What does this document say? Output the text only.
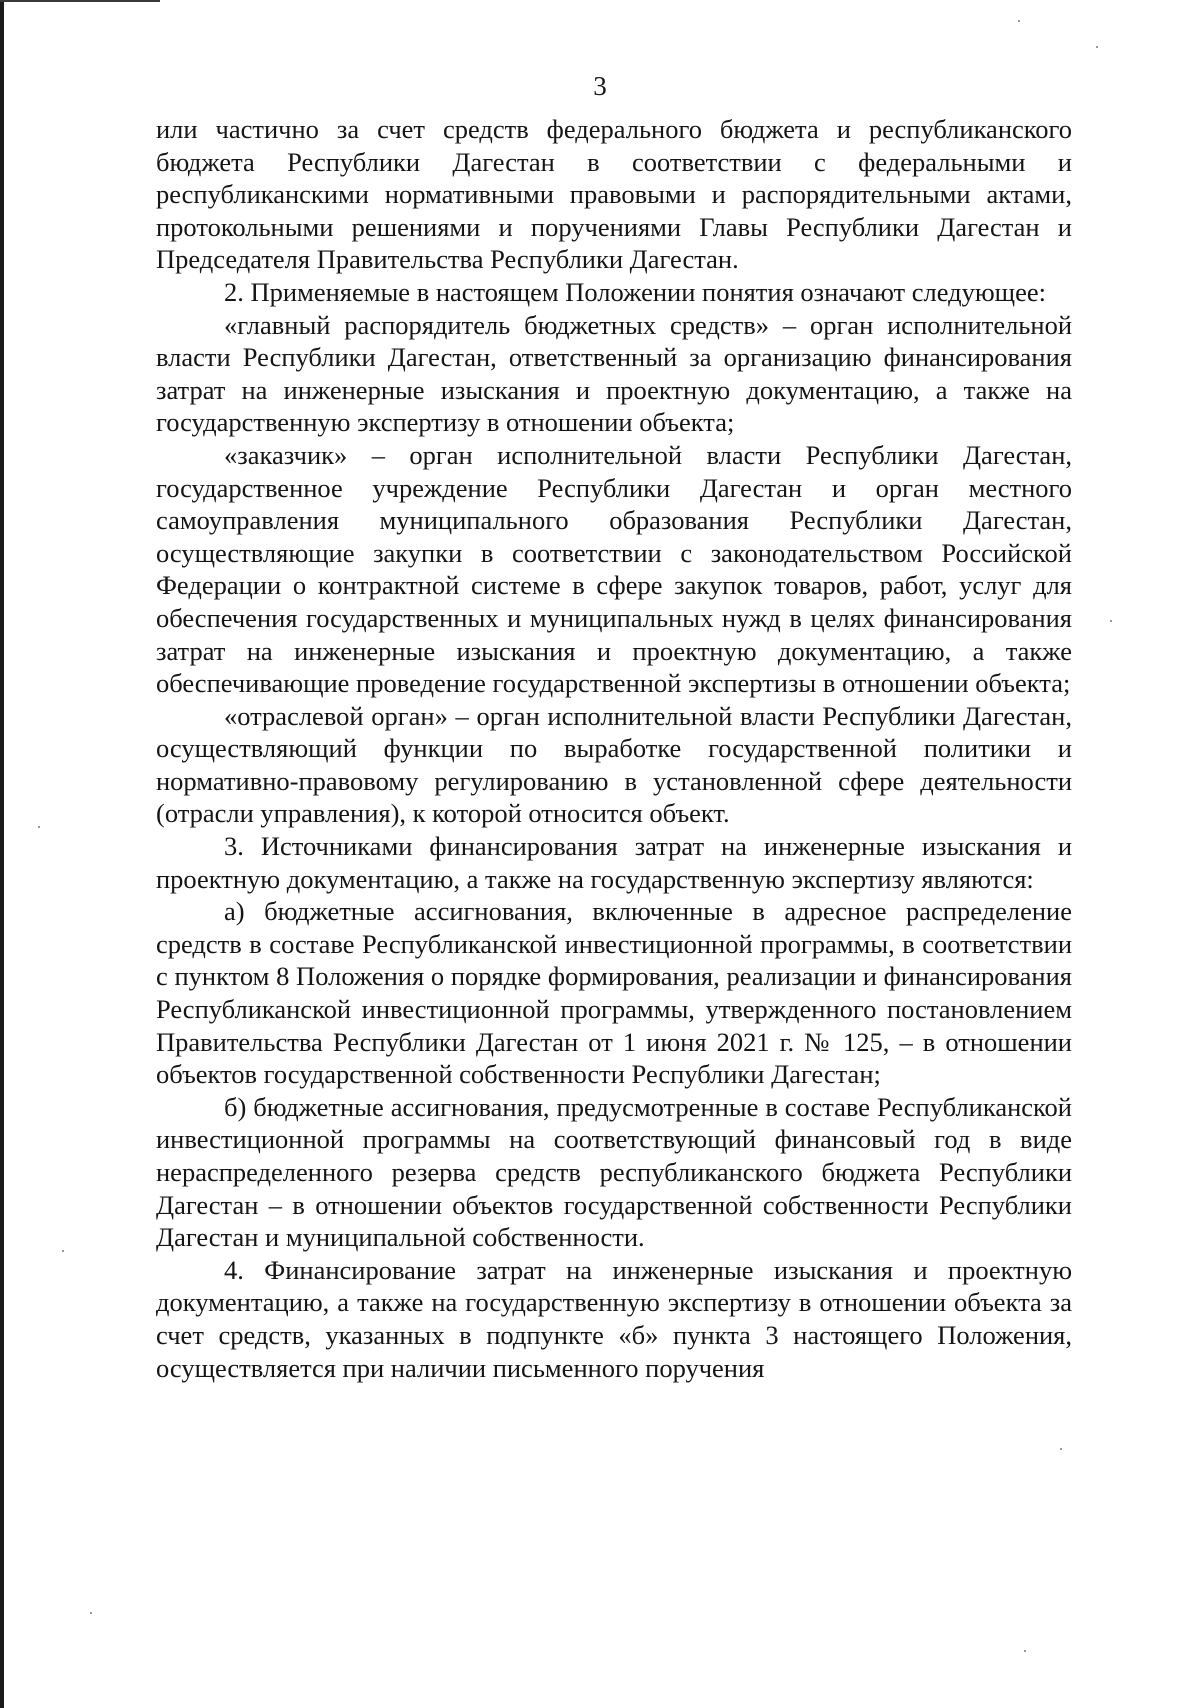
3

или частично за счет средств федерального бюджета и республиканского бюджета Республики Дагестан в соответствии с федеральными и республиканскими нормативными правовыми и распорядительными актами, протокольными решениями и поручениями Главы Республики Дагестан и Председателя Правительства Республики Дагестан.

2. Применяемые в настоящем Положении понятия означают следующее:

«главный распорядитель бюджетных средств» – орган исполнительной власти Республики Дагестан, ответственный за организацию финансирования затрат на инженерные изыскания и проектную документацию, а также на государственную экспертизу в отношении объекта;

«заказчик» – орган исполнительной власти Республики Дагестан, государственное учреждение Республики Дагестан и орган местного самоуправления муниципального образования Республики Дагестан, осуществляющие закупки в соответствии с законодательством Российской Федерации о контрактной системе в сфере закупок товаров, работ, услуг для обеспечения государственных и муниципальных нужд в целях финансирования затрат на инженерные изыскания и проектную документацию, а также обеспечивающие проведение государственной экспертизы в отношении объекта;

«отраслевой орган» – орган исполнительной власти Республики Дагестан, осуществляющий функции по выработке государственной политики и нормативно-правовому регулированию в установленной сфере деятельности (отрасли управления), к которой относится объект.

3. Источниками финансирования затрат на инженерные изыскания и проектную документацию, а также на государственную экспертизу являются:

а) бюджетные ассигнования, включенные в адресное распределение средств в составе Республиканской инвестиционной программы, в соответствии с пунктом 8 Положения о порядке формирования, реализации и финансирования Республиканской инвестиционной программы, утвержденного постановлением Правительства Республики Дагестан от 1 июня 2021 г. № 125, – в отношении объектов государственной собственности Республики Дагестан;

б) бюджетные ассигнования, предусмотренные в составе Республиканской инвестиционной программы на соответствующий финансовый год в виде нераспределенного резерва средств республиканского бюджета Республики Дагестан – в отношении объектов государственной собственности Республики Дагестан и муниципальной собственности.

4. Финансирование затрат на инженерные изыскания и проектную документацию, а также на государственную экспертизу в отношении объекта за счет средств, указанных в подпункте «б» пункта 3 настоящего Положения, осуществляется при наличии письменного поручения
